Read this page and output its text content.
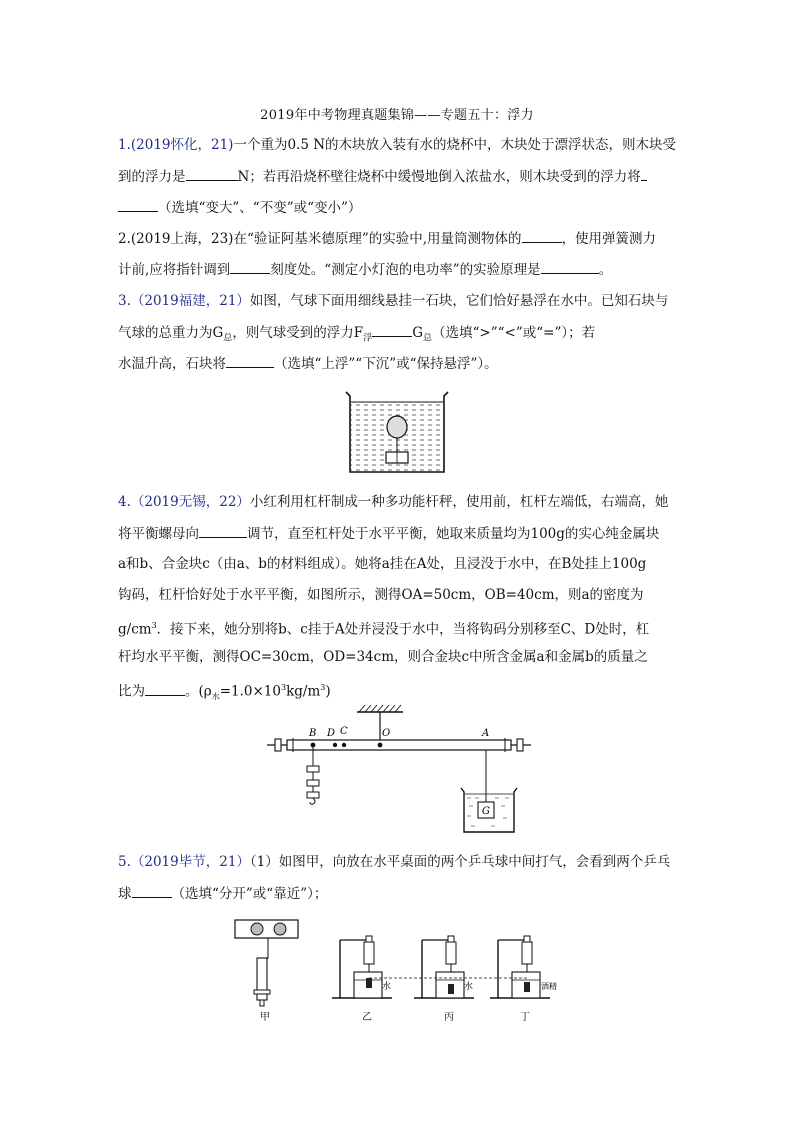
2019年中考物理真题集锦——专题五十：浮力
1.(2019怀化，21)一个重为0.5 N的木块放入装有水的烧杯中，木块处于漂浮状态，则木块受
到的浮力是	N；若再沿烧杯壁往烧杯中缓慢地倒入浓盐水，则木块受到的浮力将
（选填“变大”、“不变”或“变小”）
2.(2019上海，23)在“验证阿基米德原理”的实验中,用量筒测物体的	，使用弹簧测力
计前,应将指针调到	刻度处。“测定小灯泡的电功率”的实验原理是	。
3.（2019福建，21）如图，气球下面用细线悬挂一石块，它们恰好悬浮在水中。已知石块与
气球的总重力为$G_总$，则气球受到的浮力$F_浮$	$G_总$（选填“>”“<”或“=”）；若
水温升高，石块将	（选填“上浮”“下沉”或“保持悬浮”）。
4.（2019无锡，22）小红利用杠杆制成一种多功能杆秤，使用前，杠杆左端低，右端高，她
将平衡螺母向	调节，直至杠杆处于水平平衡，她取来质量均为100g的实心纯金属块
a和b、合金块c（由a、b的材料组成）。她将a挂在A处，且浸没于水中，在B处挂上100g
钩码，杠杆恰好处于水平平衡，如图所示，测得OA=50cm，OB=40cm，则a的密度为
$g/cm^3$．接下来，她分别将b、c挂于A处并浸没于水中，当将钩码分别移至C、D处时，杠
杆均水平平衡，测得OC=30cm，OD=34cm，则合金块c中所含金属a和金属b的质量之
比为	。$(\rho_水=1.0\times 10^3kg/m^3)$
B D C	O	A
G
5.（2019毕节，21）（1）如图甲，向放在水平桌面的两个乒乓球中间打气，会看到两个乒乓
球	（选填“分开”或“靠近”）；
甲
水
乙
水
丙
酒精
丁
